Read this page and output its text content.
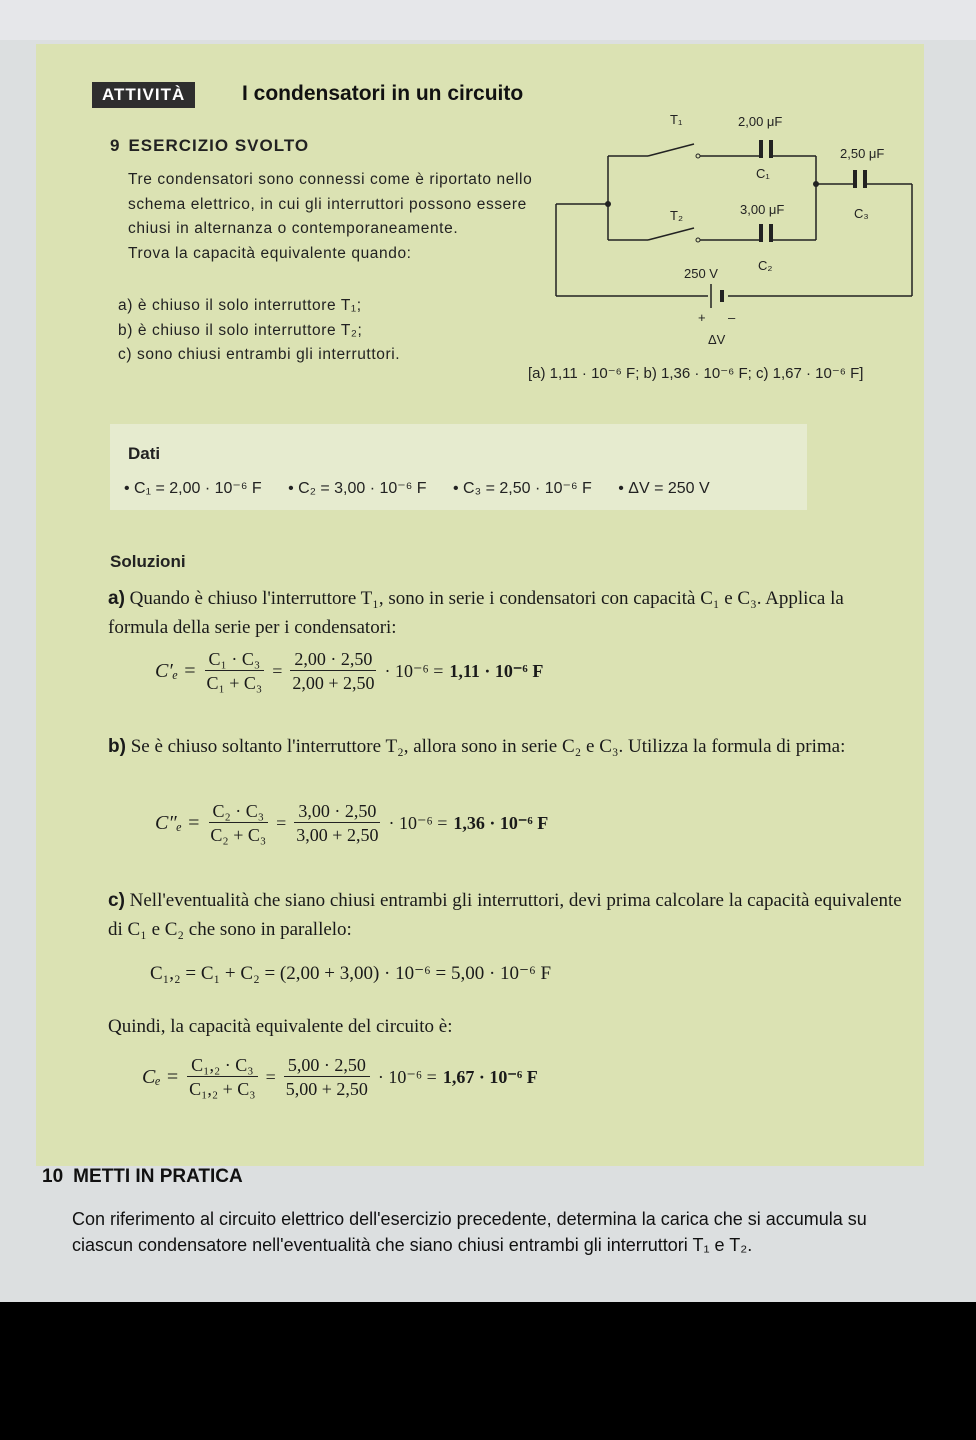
ATTIVITÀ	I condensatori in un circuito
9 ESERCIZIO SVOLTO

Tre condensatori sono connessi come è riportato nello schema elettrico, in cui gli interruttori possono essere chiusi in alternanza o contemporaneamente.

Trova la capacità equivalente quando:

a) è chiuso il solo interruttore T₁;
b) è chiuso il solo interruttore T₂;
c) sono chiusi entrambi gli interruttori.
T₁	2,00 μF
C₁
2,50 μF
C₃
T₂	3,00 μF
250 V
C₂
+ –
ΔV
[a) 1,11 · 10⁻⁶ F; b) 1,36 · 10⁻⁶ F; c) 1,67 · 10⁻⁶ F]
Dati
• C₁ = 2,00 · 10⁻⁶ F • C₂ = 3,00 · 10⁻⁶ F • C₃ = 2,50 · 10⁻⁶ F • ΔV = 250 V
Soluzioni
a) Quando è chiuso l'interruttore T₁, sono in serie i condensatori con capacità C₁ e C₃. Applica la formula della serie per i condensatori:
$C'_e = \frac{\text{C₁ · C₃}}{\text{C₁ + C₃}} = \frac{2,00 \cdot 2,50}{2,00 + 2,50} \cdot 10^{-6} = 1,11 \cdot 10^{-6}$ F
b) Se è chiuso soltanto l'interruttore T₂, allora sono in serie C₂ e C₃. Utilizza la formula di prima:
$C''_e = \frac{\text{C₂ · C₃}}{\text{C₂ + C₃}} = \frac{3,00 \cdot 2,50}{3,00 + 2,50} \cdot 10^{-6} = 1,36 \cdot 10^{-6}$ F
c) Nell'eventualità che siano chiusi entrambi gli interruttori, devi prima calcolare la capacità equivalente di C₁ e C₂ che sono in parallelo:
C₁,₂ = C₁ + C₂ = (2,00 + 3,00) · 10⁻⁶ = 5,00 · 10⁻⁶ F
Quindi, la capacità equivalente del circuito è:
$C_e = \frac{\text{C₁,₂ · C₃}}{\text{C₁,₂ + C₃}} = \frac{5,00 \cdot 2,50}{5,00 + 2,50} \cdot 10^{-6} = 1,67 \cdot 10^{-6}$ F
10 METTI IN PRATICA
Con riferimento al circuito elettrico dell'esercizio precedente, determina la carica che si accumula su ciascun condensatore nell'eventualità che siano chiusi entrambi gli interruttori T₁ e T₂.
